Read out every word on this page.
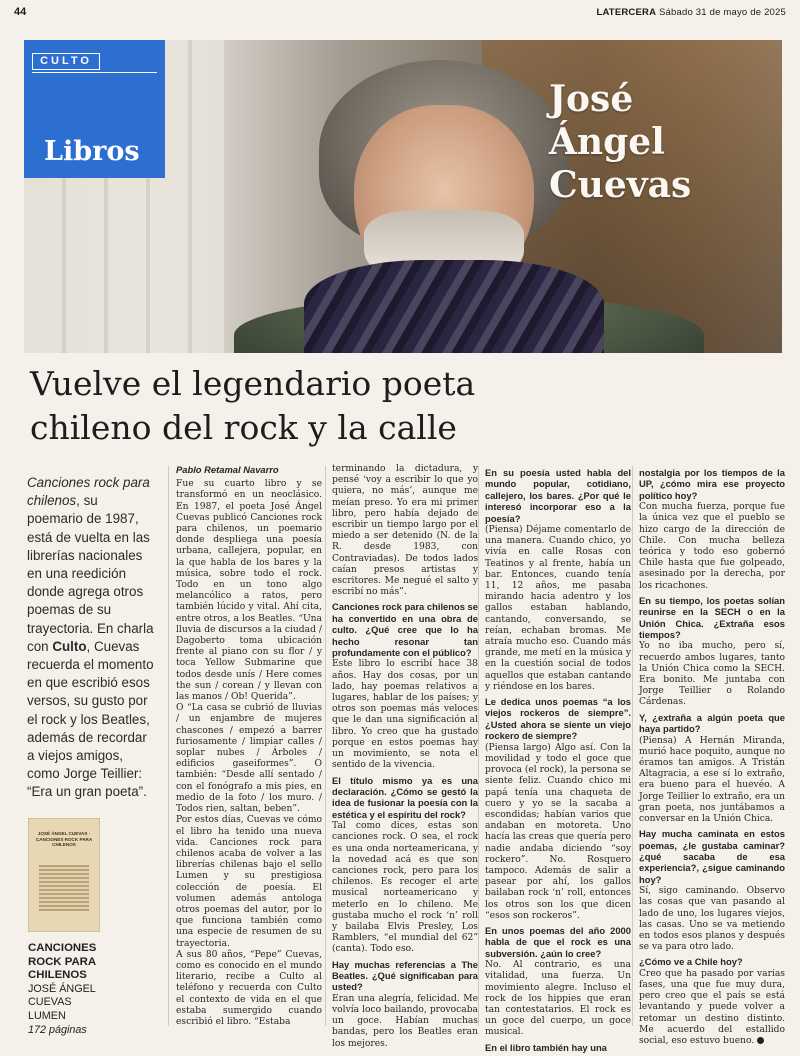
44	LATERCERA Sábado 31 de mayo de 2025
CULTO
Libros
José
Ángel
Cuevas
Vuelve el legendario poeta
chileno del rock y la calle
Canciones rock para chilenos, su poemario de 1987, está de vuelta en las librerías nacionales en una reedición donde agrega otros poemas de su trayectoria. En charla con Culto, Cuevas recuerda el momento en que escribió esos versos, su gusto por el rock y los Beatles, además de recordar a viejos amigos, como Jorge Teillier: “Era un gran poeta”.
JOSÉ ÁNGEL CUEVAS · CANCIONES ROCK PARA CHILENOS
CANCIONES
ROCK PARA
CHILENOS
JOSÉ ÁNGEL
CUEVAS
LUMEN
172 páginas
Pablo Retamal Navarro

Fue su cuarto libro y se transformó en un neoclásico. En 1987, el poeta José Ángel Cuevas publicó Canciones rock para chilenos, un poemario donde despliega una poesía urbana, callejera, popular, en la que habla de los bares y la música, sobre todo el rock. Todo en un tono algo melancólico a ratos, pero también lúcido y vital. Ahí cita, entre otros, a los Beatles. “Una lluvia de discursos a la ciudad / Dagoberto toma ubicación frente al piano con su flor / y toca Yellow Submarine que todos desde unís / Here comes the sun / corean / y llevan con las manos / Ob! Querida”.

O “La casa se cubrió de lluvias / un enjambre de mujeres chascones / empezó a barrer furiosamente / limpiar calles / soplar nubes / Árboles / edificios gaseiformes”. O también: “Desde allí sentado / con el fonógrafo a mis pies, en medio de la foto / los muro. / Todos rien, saltan, beben”.

Por estos días, Cuevas ve cómo el libro ha tenido una nueva vida. Canciones rock para chilenos acaba de volver a las librerías chilenas bajo el sello Lumen y su prestigiosa colección de poesía. El volumen además antologa otros poemas del autor, por lo que funciona también como una especie de resumen de su trayectoria.

A sus 80 años, “Pepe” Cuevas, como es conocido en el mundo literario, recibe a Culto al teléfono y recuerda con Culto el contexto de vida en el que estaba sumergido cuando escribió el libro. “Estaba

terminando la dictadura, y pensé ‘voy a escribir lo que yo quiera, no más’, aunque me meían preso. Yo era mi primer libro, pero había dejado de escribir un tiempo largo por el miedo a ser detenido (N. de la R. desde 1983, con Contraviadas). De todos lados caían presos artistas y escritores. Me negué el salto y escribí no más”.

Canciones rock para chilenos se ha convertido en una obra de culto. ¿Qué cree que lo ha hecho resonar tan profundamente con el público?

Este libro lo escribí hace 38 años. Hay dos cosas, por un lado, hay poemas relativos a lugares, hablar de los países; y otros son poemas más veloces que le dan una significación al libro. Yo creo que ha gustado porque en estos poemas hay un movimiento, se nota el sentido de la vivencia.

El título mismo ya es una declaración. ¿Cómo se gestó la idea de fusionar la poesía con la estética y el espíritu del rock?

Tal como dices, estas son canciones rock. O sea, el rock es una onda norteamericana, y la novedad acá es que son canciones rock, pero para los chilenos. Es recoger el arte musical norteamericano y meterlo en lo chileno. Me gustaba mucho el rock ‘n’ roll y bailaba Elvis Presley, Los Ramblers, “el mundial del 62” (canta). Todo eso.

Hay muchas referencias a The Beatles. ¿Qué significaban para usted?

Eran una alegría, felicidad. Me volvía loco bailando, provocaba un goce. Habían muchas bandas, pero los Beatles eran los mejores.

En su poesía usted habla del mundo popular, cotidiano, callejero, los bares. ¿Por qué le interesó incorporar eso a la poesía?

(Piensa) Déjame comentarlo de una manera. Cuando chico, yo vivía en calle Rosas con Teatinos y al frente, había un bar. Entonces, cuando tenía 11, 12 años, me pasaba mirando hacia adentro y los gallos estaban hablando, cantando, conversando, se reían, echaban bromas. Me atraía mucho eso. Cuando más grande, me metí en la música y en la cuestión social de todos aquellos que estaban cantando y riéndose en los bares.

Le dedica unos poemas “a los viejos rockeros de siempre”. ¿Usted ahora se siente un viejo rockero de siempre?

(Piensa largo) Algo así. Con la movilidad y todo el goce que provoca (el rock), la persona se siente feliz. Cuando chico mi papá tenía una chaqueta de cuero y yo se la sacaba a escondidas; habían varios que andaban en motoreta. Uno hacía las creas que quería pero nadie andaba diciendo “soy rockero”. No. Rosquero tampoco. Además de salir a pasear por ahí, los gallos bailaban rock ‘n’ roll, entonces los otros son los que dicen “esos son rockeros”.

En unos poemas del año 2000 habla de que el rock es una subversión. ¿aún lo cree?

No. Al contrario, es una vitalidad, una fuerza. Un movimiento alegre. Incluso el rock de los hippies que eran tan contestatarios. El rock es un goce del cuerpo, un goce musical.

En el libro también hay una

nostalgia por los tiempos de la UP, ¿cómo mira ese proyecto político hoy?

Con mucha fuerza, porque fue la única vez que el pueblo se hizo cargo de la dirección de Chile. Con mucha belleza teórica y todo eso gobernó Chile hasta que fue golpeado, asesinado por la derecha, por los ricachones.

En su tiempo, los poetas solían reunirse en la SECH o en la Unión Chica. ¿Extraña esos tiempos?

Yo no iba mucho, pero sí, recuerdo ambos lugares, tanto la Unión Chica como la SECH. Era bonito. Me juntaba con Jorge Teillier o Rolando Cárdenas.

Y, ¿extraña a algún poeta que haya partido?

(Piensa) A Hernán Miranda, murió hace poquito, aunque no éramos tan amigos. A Tristán Altagracia, a ese sí lo extraño, era bueno para el huevéo. A Jorge Teillier lo extraño, era un gran poeta, nos juntábamos a conversar en la Unión Chica.

Hay mucha caminata en estos poemas, ¿le gustaba caminar? ¿qué sacaba de esa experiencia?, ¿sigue caminando hoy?

Sí, sigo caminando. Observo las cosas que van pasando al lado de uno, los lugares viejos, las casas. Uno se va metiendo en todos esos planos y después se va para otro lado.

¿Cómo ve a Chile hoy?

Creo que ha pasado por varias fases, una que fue muy dura, pero creo que el país se está levantando y puede volver a retomar un destino distinto. Me acuerdo del estallido social, eso estuvo bueno.
